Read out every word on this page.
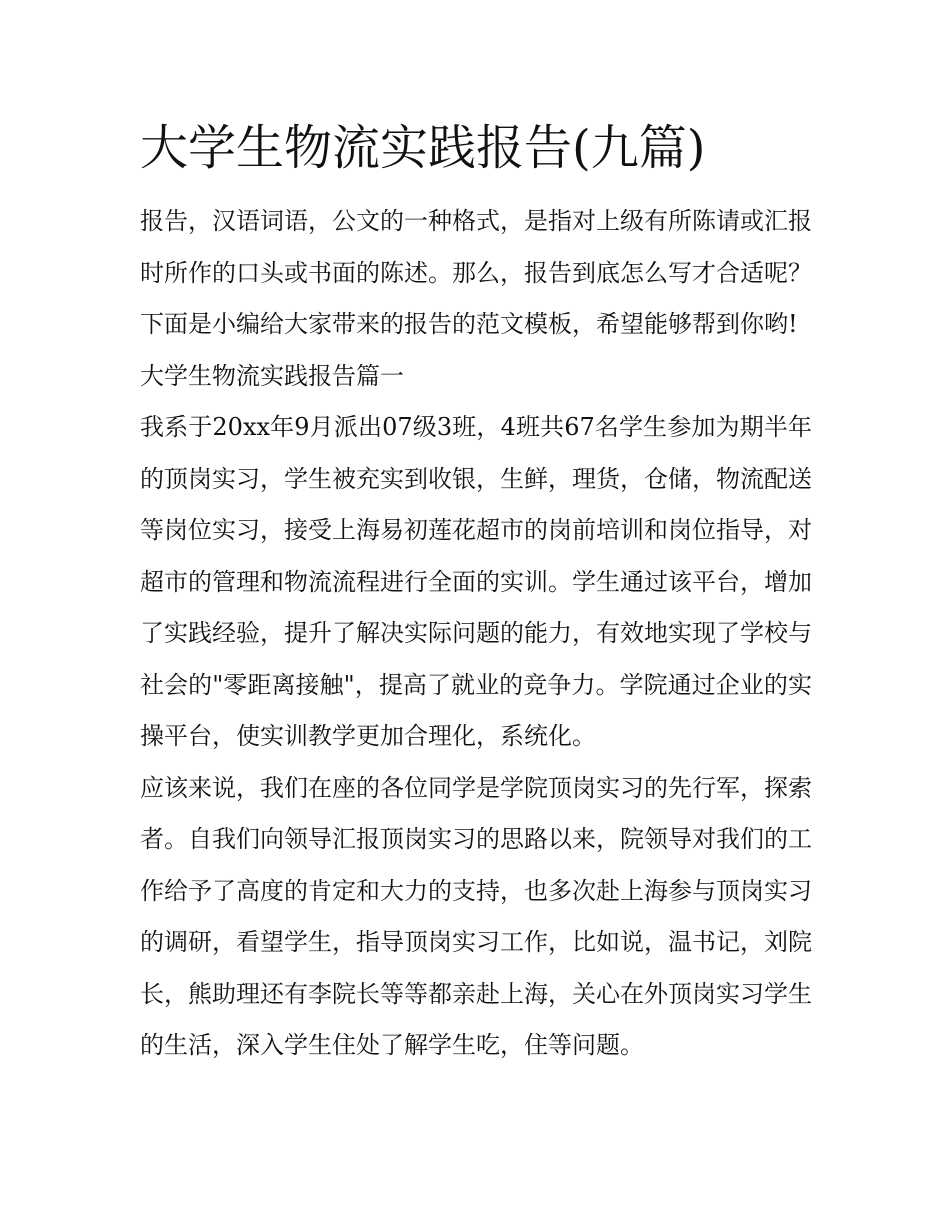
大学生物流实践报告(九篇)

报告，汉语词语，公文的一种格式，是指对上级有所陈请或汇报时所作的口头或书面的陈述。那么，报告到底怎么写才合适呢？下面是小编给大家带来的报告的范文模板，希望能够帮到你哟!

大学生物流实践报告篇一

我系于20xx年9月派出07级3班，4班共67名学生参加为期半年的顶岗实习，学生被充实到收银，生鲜，理货，仓储，物流配送等岗位实习，接受上海易初莲花超市的岗前培训和岗位指导，对超市的管理和物流流程进行全面的实训。学生通过该平台，增加了实践经验，提升了解决实际问题的能力，有效地实现了学校与社会的"零距离接触"，提高了就业的竞争力。学院通过企业的实操平台，使实训教学更加合理化，系统化。

应该来说，我们在座的各位同学是学院顶岗实习的先行军，探索者。自我们向领导汇报顶岗实习的思路以来，院领导对我们的工作给予了高度的肯定和大力的支持，也多次赴上海参与顶岗实习的调研，看望学生，指导顶岗实习工作，比如说，温书记，刘院长，熊助理还有李院长等等都亲赴上海，关心在外顶岗实习学生的生活，深入学生住处了解学生吃，住等问题。
